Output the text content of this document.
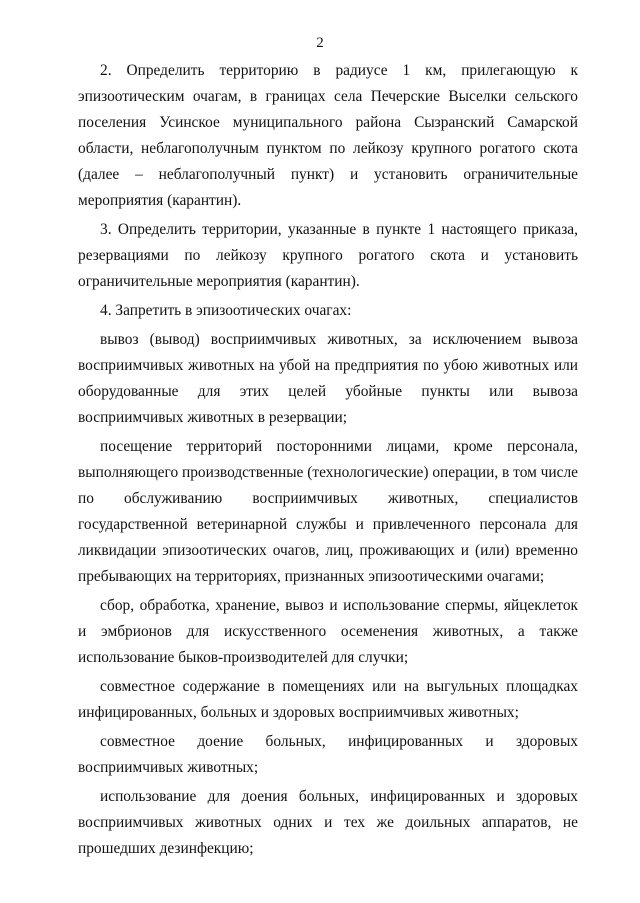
2

2. Определить территорию в радиусе 1 км, прилегающую к эпизоотическим очагам, в границах села Печерские Выселки сельского поселения Усинское муниципального района Сызранский Самарской области, неблагополучным пунктом по лейкозу крупного рогатого скота (далее – неблагополучный пункт) и установить ограничительные мероприятия (карантин).

3. Определить территории, указанные в пункте 1 настоящего приказа, резервациями по лейкозу крупного рогатого скота и установить ограничительные мероприятия (карантин).

4. Запретить в эпизоотических очагах:

вывоз (вывод) восприимчивых животных, за исключением вывоза восприимчивых животных на убой на предприятия по убою животных или оборудованные для этих целей убойные пункты или вывоза восприимчивых животных в резервации;

посещение территорий посторонними лицами, кроме персонала, выполняющего производственные (технологические) операции, в том числе по обслуживанию восприимчивых животных, специалистов государственной ветеринарной службы и привлеченного персонала для ликвидации эпизоотических очагов, лиц, проживающих и (или) временно пребывающих на территориях, признанных эпизоотическими очагами;

сбор, обработка, хранение, вывоз и использование спермы, яйцеклеток и эмбрионов для искусственного осеменения животных, а также использование быков-производителей для случки;

совместное содержание в помещениях или на выгульных площадках инфицированных, больных и здоровых восприимчивых животных;

совместное доение больных, инфицированных и здоровых восприимчивых животных;

использование для доения больных, инфицированных и здоровых восприимчивых животных одних и тех же доильных аппаратов, не прошедших дезинфекцию;
